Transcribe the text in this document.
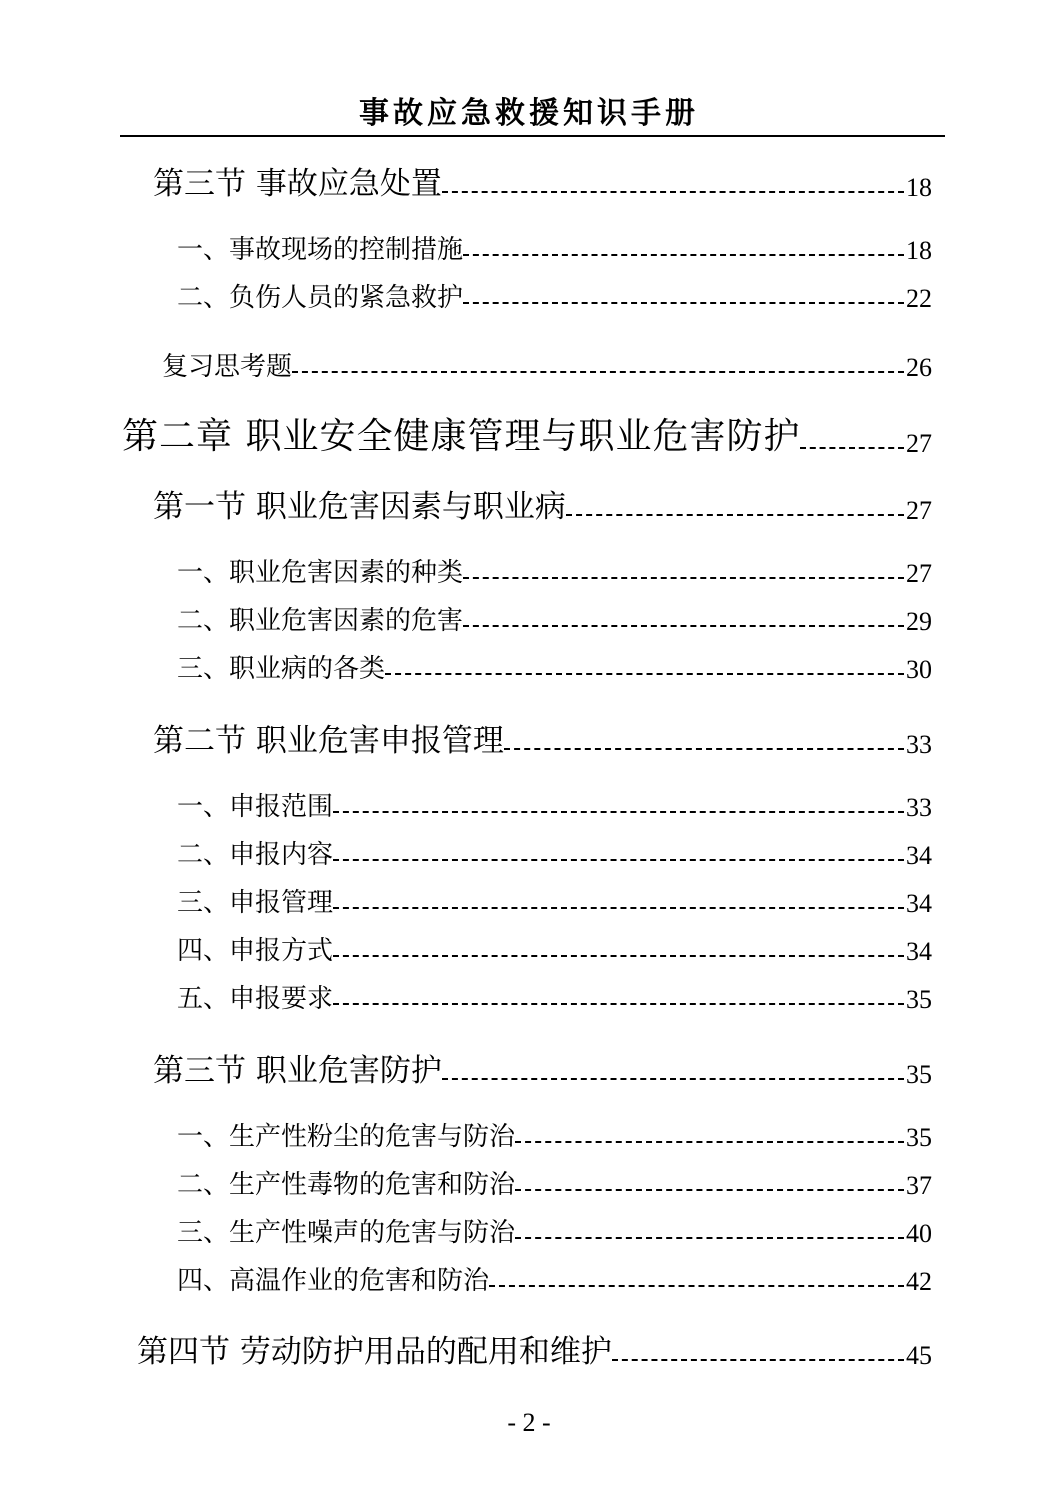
事故应急救援知识手册
第三节 事故应急处置	18
一、事故现场的控制措施	18
二、负伤人员的紧急救护	22
复习思考题	26
第二章 职业安全健康管理与职业危害防护	27
第一节 职业危害因素与职业病	27
一、职业危害因素的种类	27
二、职业危害因素的危害	29
三、职业病的各类	30
第二节 职业危害申报管理	33
一、申报范围	33
二、申报内容	34
三、申报管理	34
四、申报方式	34
五、申报要求	35
第三节 职业危害防护	35
一、生产性粉尘的危害与防治	35
二、生产性毒物的危害和防治	37
三、生产性噪声的危害与防治	40
四、高温作业的危害和防治	42
第四节 劳动防护用品的配用和维护	45
- 2 -
